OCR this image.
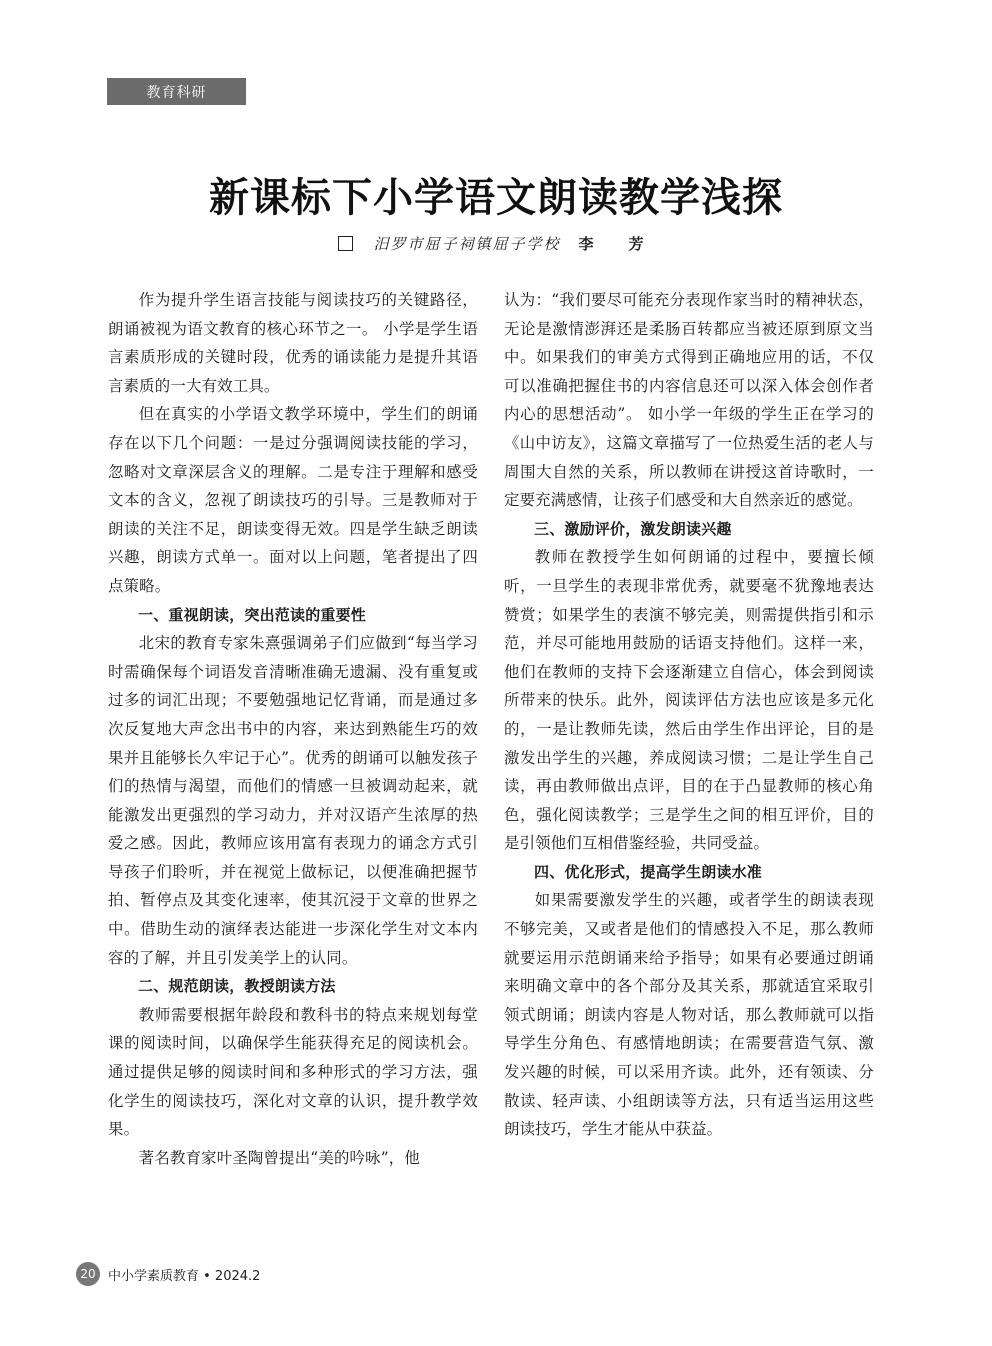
教育科研
新课标下小学语文朗读教学浅探
汨罗市屈子祠镇屈子学校 李　芳

作为提升学生语言技能与阅读技巧的关键路径，朗诵被视为语文教育的核心环节之一。 小学是学生语言素质形成的关键时段，优秀的诵读能力是提升其语言素质的一大有效工具。

但在真实的小学语文教学环境中，学生们的朗诵存在以下几个问题：一是过分强调阅读技能的学习，忽略对文章深层含义的理解。二是专注于理解和感受文本的含义，忽视了朗读技巧的引导。三是教师对于朗读的关注不足，朗读变得无效。四是学生缺乏朗读兴趣，朗读方式单一。面对以上问题，笔者提出了四点策略。

一、重视朗读，突出范读的重要性

北宋的教育专家朱熹强调弟子们应做到“每当学习时需确保每个词语发音清晰准确无遗漏、没有重复或过多的词汇出现；不要勉强地记忆背诵，而是通过多次反复地大声念出书中的内容，来达到熟能生巧的效果并且能够长久牢记于心”。优秀的朗诵可以触发孩子们的热情与渴望，而他们的情感一旦被调动起来，就能激发出更强烈的学习动力，并对汉语产生浓厚的热爱之感。因此，教师应该用富有表现力的诵念方式引导孩子们聆听，并在视觉上做标记，以便准确把握节拍、暂停点及其变化速率，使其沉浸于文章的世界之中。借助生动的演绎表达能进一步深化学生对文本内容的了解，并且引发美学上的认同。

二、规范朗读，教授朗读方法

教师需要根据年龄段和教科书的特点来规划每堂课的阅读时间，以确保学生能获得充足的阅读机会。通过提供足够的阅读时间和多种形式的学习方法，强化学生的阅读技巧，深化对文章的认识，提升教学效果。

著名教育家叶圣陶曾提出“美的吟咏”，他

认为：“我们要尽可能充分表现作家当时的精神状态，无论是激情澎湃还是柔肠百转都应当被还原到原文当中。如果我们的审美方式得到正确地应用的话，不仅可以准确把握住书的内容信息还可以深入体会创作者内心的思想活动”。 如小学一年级的学生正在学习的《山中访友》，这篇文章描写了一位热爱生活的老人与周围大自然的关系，所以教师在讲授这首诗歌时，一定要充满感情，让孩子们感受和大自然亲近的感觉。

三、激励评价，激发朗读兴趣

教师在教授学生如何朗诵的过程中，要擅长倾听，一旦学生的表现非常优秀，就要毫不犹豫地表达赞赏；如果学生的表演不够完美，则需提供指引和示范，并尽可能地用鼓励的话语支持他们。这样一来，他们在教师的支持下会逐渐建立自信心，体会到阅读所带来的快乐。此外，阅读评估方法也应该是多元化的，一是让教师先读，然后由学生作出评论，目的是激发出学生的兴趣，养成阅读习惯；二是让学生自己读，再由教师做出点评，目的在于凸显教师的核心角色，强化阅读教学；三是学生之间的相互评价，目的是引领他们互相借鉴经验，共同受益。

四、优化形式，提高学生朗读水准

如果需要激发学生的兴趣，或者学生的朗读表现不够完美，又或者是他们的情感投入不足，那么教师就要运用示范朗诵来给予指导；如果有必要通过朗诵来明确文章中的各个部分及其关系，那就适宜采取引领式朗诵；朗读内容是人物对话，那么教师就可以指导学生分角色、有感情地朗读；在需要营造气氛、激发兴趣的时候，可以采用齐读。此外，还有领读、分散读、轻声读、小组朗读等方法，只有适当运用这些朗读技巧，学生才能从中获益。

20 中小学素质教育 • 2024.2
